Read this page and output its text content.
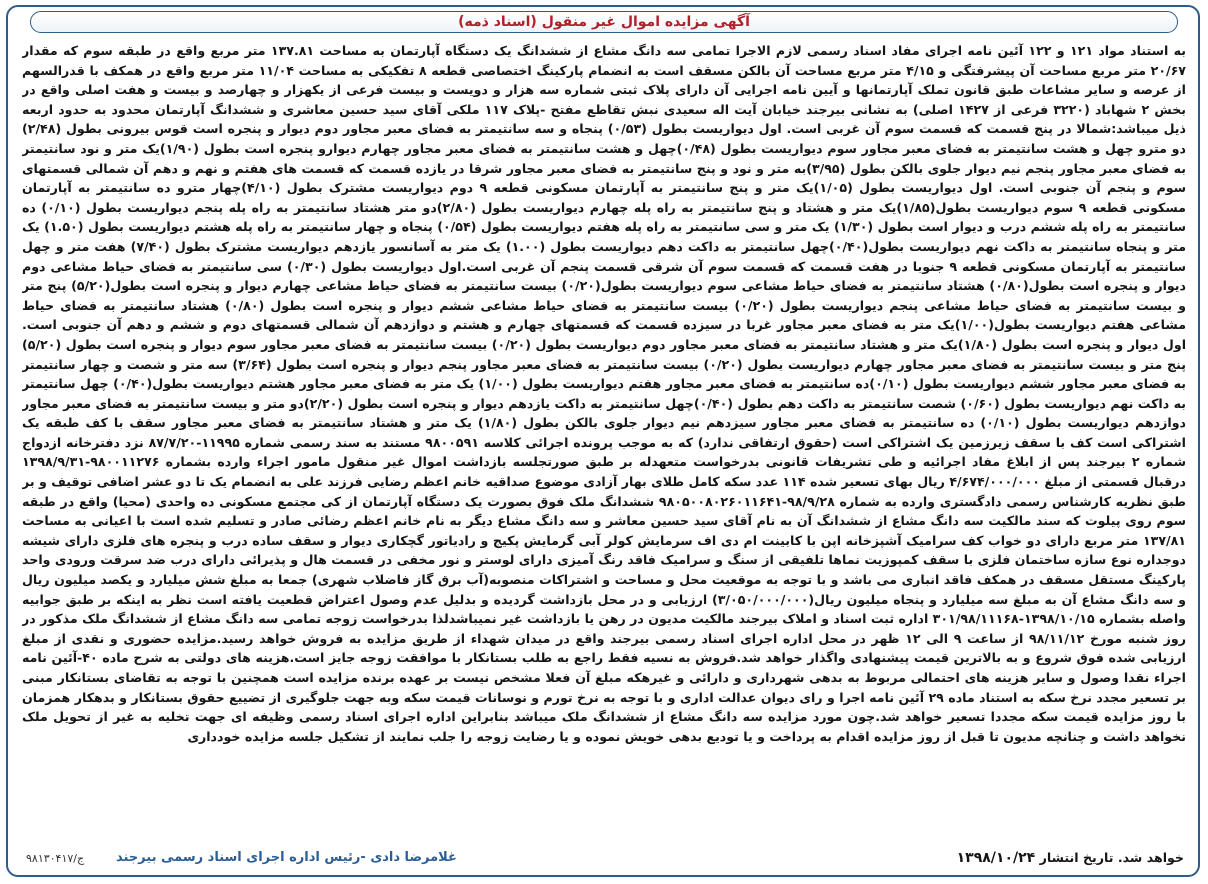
آگهی مزایده اموال غیر منقول (اسناد ذمه)
به استناد مواد ۱۲۱ و ۱۲۲ آئین نامه اجرای مفاد اسناد رسمی لازم الاجرا تمامی سه دانگ مشاع از ششدانگ یک دستگاه آپارتمان به مساحت ۱۳۷.۸۱ متر مربع واقع در طبقه سوم که مقدار ۲۰/۶۷ متر مربع مساحت آن پیشرفتگی و ۴/۱۵ متر مربع مساحت آن بالکن مسقف است به انضمام پارکینگ اختصاصی قطعه ۸ تفکیکی به مساحت ۱۱/۰۴ متر مربع واقع در همکف با قدرالسهم از عرصه و سایر مشاعات طبق قانون تملک آپارتمانها و آیین نامه اجرایی آن دارای پلاک ثبتی شماره سه هزار و دویست و بیست فرعی از یکهزار و چهارصد و بیست و هفت اصلی واقع در بخش ۲ شهاباد (۳۲۲۰ فرعی از ۱۴۲۷ اصلی) به نشانی بیرجند خیابان آیت اله سعیدی نبش تقاطع مفتح -پلاک ۱۱۷ ملکی آقای سید حسین معاشری و ششدانگ آپارتمان محدود به حدود اربعه ذیل میباشد:شمالا در پنج قسمت که قسمت سوم آن غربی است. اول دیواریست بطول (۰/۵۳) پنجاه و سه سانتیمتر به فضای معبر مجاور دوم دیوار و پنجره است قوس بیرونی بطول (۲/۴۸) دو مترو چهل و هشت سانتیمتر به فضای معبر مجاور سوم دیواریست بطول (۰/۴۸)چهل و هشت سانتیمتر به فضای معبر مجاور چهارم دیوارو پنجره است بطول (۱/۹۰)یک متر و نود سانتیمتر به فضای معبر مجاور پنجم نیم دیوار جلوی بالکن بطول (۳/۹۵)به متر و نود و پنج سانتیمتر به فضای معبر مجاور شرقا در یازده قسمت که قسمت های هفتم و نهم و دهم آن شمالی قسمتهای سوم و پنجم آن جنوبی است. اول دیواریست بطول (۱/۰۵)یک متر و پنج سانتیمتر به آپارتمان مسکونی قطعه ۹ دوم دیواریست مشترک بطول (۴/۱۰)چهار مترو ده سانتیمتر به آپارتمان مسکونی قطعه ۹ سوم دیواریست بطول(۱/۸۵)یک متر و هشتاد و پنج سانتیمتر به راه پله چهارم دیواریست بطول (۲/۸۰)دو متر هشتاد سانتیمتر به راه پله پنجم دیواریست بطول (۰/۱۰) ده سانتیمتر به راه پله ششم درب و دیوار است بطول (۱/۳۰) یک متر و سی سانتیمتر به راه پله هفتم دیواریست بطول (۰/۵۴) پنجاه و چهار سانتیمتر به راه پله هشتم دیواریست بطول (۱.۵۰) یک متر و پنجاه سانتیمتر به داکت نهم دیواریست بطول(۰/۴۰)چهل سانتیمتر به داکت دهم دیواریست بطول (۱.۰۰) یک متر به آسانسور یازدهم دیواریست مشترک بطول (۷/۴۰) هفت متر و چهل سانتیمتر به آپارتمان مسکونی قطعه ۹ جنوبا در هفت قسمت که قسمت سوم آن شرقی قسمت پنجم آن غربی است.اول دیواریست بطول (۰/۳۰) سی سانتیمتر به فضای حیاط مشاعی دوم دیوار و پنجره است بطول(۰/۸۰) هشتاد سانتیمتر به فضای حیاط مشاعی سوم دیواریست بطول(۰/۲۰) بیست سانتیمتر به فضای حیاط مشاعی چهارم دیوار و پنجره است بطول(۵/۲۰) پنج متر و بیست سانتیمتر به فضای حیاط مشاعی پنجم دیواریست بطول (۰/۲۰) بیست سانتیمتر به فضای حیاط مشاعی ششم دیوار و پنجره است بطول (۰/۸۰) هشتاد سانتیمتر به فضای حیاط مشاعی هفتم دیواریست بطول(۱/۰۰)یک متر به فضای معبر مجاور غربا در سیزده قسمت که قسمتهای چهارم و هشتم و دوازدهم آن شمالی قسمتهای دوم و ششم و دهم آن جنوبی است. اول دیوار و پنجره است بطول (۱/۸۰)یک متر و هشتاد سانتیمتر به فضای معبر مجاور دوم دیواریست بطول (۰/۲۰) بیست سانتیمتر به فضای معبر مجاور سوم دیوار و پنجره است بطول (۵/۲۰) پنج متر و بیست سانتیمتر به فضای معبر مجاور چهارم دیواریست بطول (۰/۲۰) بیست سانتیمتر به فضای معبر مجاور پنجم دیوار و پنجره است بطول (۳/۶۴) سه متر و شصت و چهار سانتیمتر به فضای معبر مجاور ششم دیواریست بطول (۰/۱۰)ده سانتیمتر به فضای معبر مجاور هفتم دیواریست بطول (۱/۰۰) یک متر به فضای معبر مجاور هشتم دیواریست بطول(۰/۴۰) چهل سانتیمتر به داکت نهم دیواریست بطول (۰/۶۰) شصت سانتیمتر به داکت دهم بطول (۰/۴۰)چهل سانتیمتر به داکت یازدهم دیوار و پنجره است بطول (۲/۲۰)دو متر و بیست سانتیمتر به فضای معبر مجاور دوازدهم دیواریست بطول (۰/۱۰) ده سانتیمتر به فضای معبر مجاور سیزدهم نیم دیوار جلوی بالکن بطول (۱/۸۰) یک متر و هشتاد سانتیمتر به فضای معبر مجاور سقف با کف طبقه یک اشتراکی است کف با سقف زیرزمین یک اشتراکی است (حقوق ارتفاقی ندارد) که به موجب پرونده اجرائی کلاسه ۹۸۰۰۵۹۱ مستند به سند رسمی شماره ۱۱۹۹۵-۸۷/۷/۲۰ نزد دفترخانه ازدواج شماره ۲ بیرجند پس از ابلاغ مفاد اجرائیه و طی تشریفات قانونی بدرخواست متعهدله بر طبق صورتجلسه بازداشت اموال غیر منقول مامور اجراء وارده بشماره ۹۸۰۰۱۱۲۷۶-۱۳۹۸/۹/۳۱ درقبال قسمتی از مبلغ ۴/۶۷۴/۰۰۰/۰۰۰ ریال بهای تسعیر شده ۱۱۴ عدد سکه کامل طلای بهار آزادی موضوع صداقیه خانم اعظم رضایی فرزند علی به انضمام یک تا دو عشر اضافی توقیف و بر طبق نظریه کارشناس رسمی دادگستری وارده به شماره ۹۸/۹/۲۸-۹۸۰۵۰۰۸۰۲۶۰۱۱۶۴۱ ششدانگ ملک فوق بصورت یک دستگاه آپارتمان از کی مجتمع مسکونی ده واحدی (محیا) واقع در طبقه سوم روی پیلوت که سند مالکیت سه دانگ مشاع از ششدانگ آن به نام آقای سید حسین معاشر و سه دانگ مشاع دیگر به نام خانم اعظم رضائی صادر و تسلیم شده است با اعیانی به مساحت ۱۳۷/۸۱ متر مربع دارای دو خواب کف سرامیک آشپزخانه اپن با کابینت ام دی اف سرمایش کولر آبی گرمایش پکیج و رادیاتور گچکاری دیوار و سقف ساده درب و پنجره های فلزی دارای شیشه دوجداره نوع سازه ساختمان فلزی با سقف کمپوزیت نماها تلفیقی از سنگ و سرامیک فاقد رنگ آمیزی دارای لوستر و نور مخفی در قسمت هال و پذیرائی دارای درب ضد سرقت ورودی واحد پارکینگ مستقل مسقف در همکف فاقد انباری می باشد و با توجه به موقعیت محل و مساحت و اشتراکات منصوبه(آب برق گاز فاضلاب شهری) جمعا به مبلغ شش میلیارد و یکصد میلیون ریال و سه دانگ مشاع آن به مبلغ سه میلیارد و پنجاه میلیون ریال(۳/۰۵۰/۰۰۰/۰۰۰) ارزیابی و در محل بازداشت گردیده و بدلیل عدم وصول اعتراض قطعیت یافته است نظر به اینکه بر طبق جوابیه واصله بشماره ۱۳۹۸/۱۰/۱۵-۳۰۱/۹۸/۱۱۱۶۸ اداره ثبت اسناد و املاک بیرجند مالکیت مدیون در رهن یا بازداشت غیر نمیباشدلذا بدرخواست زوجه تمامی سه دانگ مشاع از ششدانگ ملک مذکور در روز شنبه مورخ ۹۸/۱۱/۱۲ از ساعت ۹ الی ۱۲ ظهر در محل اداره اجرای اسناد رسمی بیرجند واقع در میدان شهداء از طریق مزایده به فروش خواهد رسید.مزایده حضوری و نقدی از مبلغ ارزیابی شده فوق شروع و به بالاترین قیمت پیشنهادی واگذار خواهد شد.فروش به نسیه فقط راجع به طلب بستانکار با موافقت زوجه جایز است.هزینه های دولتی به شرح ماده ۴۰-آئین نامه اجراء نقدا وصول و سایر هزینه های احتمالی مربوط به بدهی شهرداری و دارائی و غیرهکه مبلغ آن فعلا مشخص نیست بر عهده برنده مزایده است همچنین با توجه به تقاضای بستانکار مبنی بر تسعیر مجدد نرخ سکه به استناد ماده ۲۹ آئین نامه اجرا و رای دیوان عدالت اداری و با توجه به نرخ تورم و نوسانات قیمت سکه وبه جهت جلوگیری از تضییع حقوق بستانکار و بدهکار همزمان با روز مزایده قیمت سکه مجددا تسعیر خواهد شد.چون مورد مزایده سه دانگ مشاع از ششدانگ ملک میباشد بنابراین اداره اجرای اسناد رسمی وظیفه ای جهت تخلیه به غیر از تحویل ملک نخواهد داشت و چنانچه مدیون تا قبل از روز مزایده اقدام به پرداخت و یا تودیع بدهی خویش نموده و یا رضایت زوجه را جلب نمایند از تشکیل جلسه مزایده خودداری
خواهد شد. تاریخ انتشار ۱۳۹۸/۱۰/۲۴
غلامرضا دادی -رئیس اداره اجرای اسناد رسمی بیرجند
ج/۹۸۱۳۰۴۱۷
